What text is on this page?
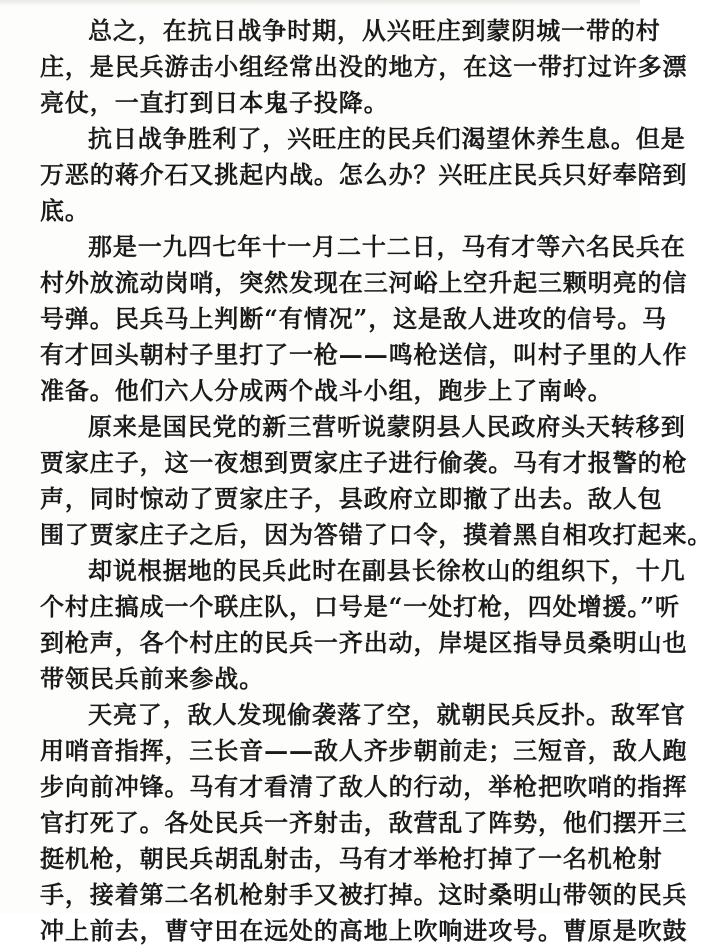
总之，在抗日战争时期，从兴旺庄到蒙阴城一带的村
庄，是民兵游击小组经常出没的地方，在这一带打过许多漂
亮仗，一直打到日本鬼子投降。
抗日战争胜利了，兴旺庄的民兵们渴望休养生息。但是
万恶的蒋介石又挑起内战。怎么办？兴旺庄民兵只好奉陪到
底。
那是一九四七年十一月二十二日，马有才等六名民兵在
村外放流动岗哨，突然发现在三河峪上空升起三颗明亮的信
号弹。民兵马上判断“有情况”，这是敌人进攻的信号。马
有才回头朝村子里打了一枪——鸣枪送信，叫村子里的人作
准备。他们六人分成两个战斗小组，跑步上了南岭。
原来是国民党的新三营听说蒙阴县人民政府头天转移到
贾家庄子，这一夜想到贾家庄子进行偷袭。马有才报警的枪
声，同时惊动了贾家庄子，县政府立即撤了出去。敌人包
围了贾家庄子之后，因为答错了口令，摸着黑自相攻打起来。
却说根据地的民兵此时在副县长徐枚山的组织下，十几
个村庄搞成一个联庄队，口号是“一处打枪，四处增援。”听
到枪声，各个村庄的民兵一齐出动，岸堤区指导员桑明山也
带领民兵前来参战。
天亮了，敌人发现偷袭落了空，就朝民兵反扑。敌军官
用哨音指挥，三长音——敌人齐步朝前走；三短音，敌人跑
步向前冲锋。马有才看清了敌人的行动，举枪把吹哨的指挥
官打死了。各处民兵一齐射击，敌营乱了阵势，他们摆开三
挺机枪，朝民兵胡乱射击，马有才举枪打掉了一名机枪射
手，接着第二名机枪射手又被打掉。这时桑明山带领的民兵
冲上前去，曹守田在远处的高地上吹响进攻号。曹原是吹鼓
